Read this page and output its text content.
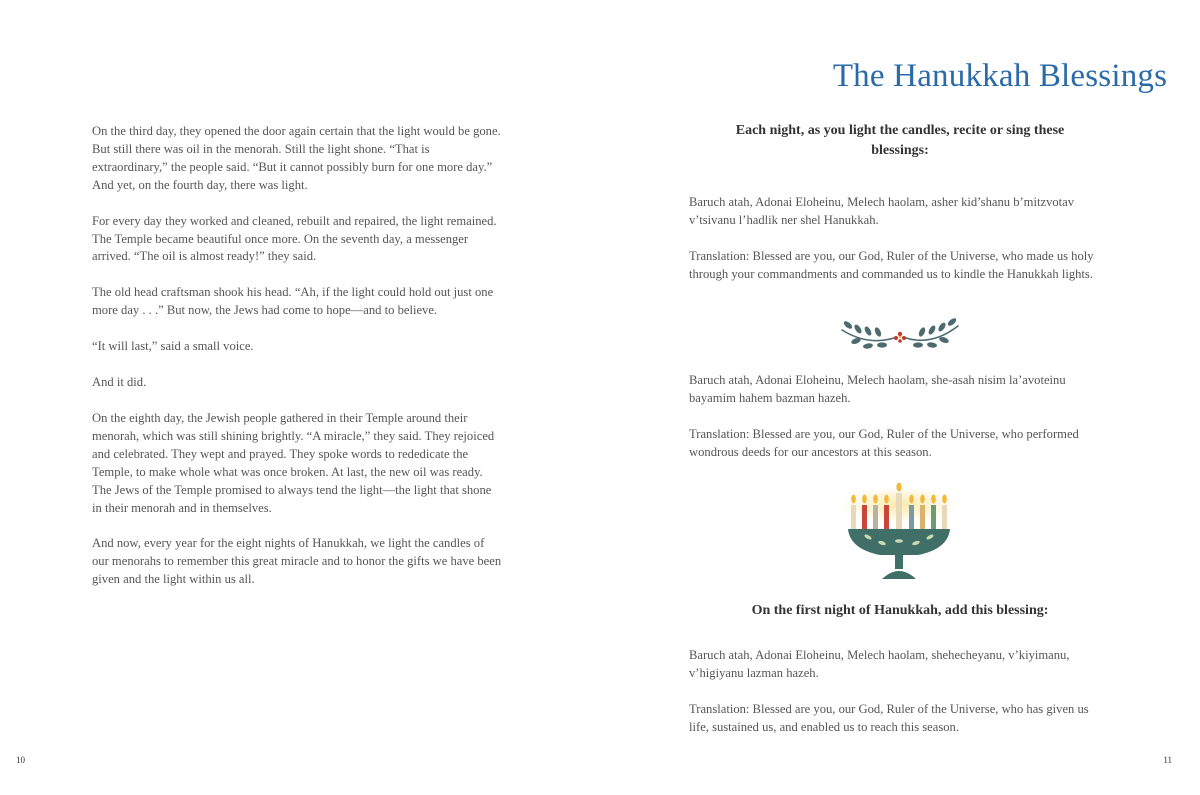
On the third day, they opened the door again certain that the light would be gone. But still there was oil in the menorah. Still the light shone. “That is extraordinary,” the people said. “But it cannot possibly burn for one more day.” And yet, on the fourth day, there was light.

For every day they worked and cleaned, rebuilt and repaired, the light remained. The Temple became beautiful once more. On the seventh day, a messenger arrived. “The oil is almost ready!” they said.

The old head craftsman shook his head. “Ah, if the light could hold out just one more day . . .” But now, the Jews had come to hope—and to believe.

“It will last,” said a small voice.

And it did.

On the eighth day, the Jewish people gathered in their Temple around their menorah, which was still shining brightly. “A miracle,” they said. They rejoiced and celebrated. They wept and prayed. They spoke words to rededicate the Temple, to make whole what was once broken. At last, the new oil was ready. The Jews of the Temple promised to always tend the light—the light that shone in their menorah and in themselves.

And now, every year for the eight nights of Hanukkah, we light the candles of our menorahs to remember this great miracle and to honor the gifts we have been given and the light within us all.

10
The Hanukkah Blessings
Each night, as you light the candles, recite or sing these blessings:

Baruch atah, Adonai Eloheinu, Melech haolam, asher kid’shanu b’mitzvotav v’tsivanu l’hadlik ner shel Hanukkah.

Translation: Blessed are you, our God, Ruler of the Universe, who made us holy through your commandments and commanded us to kindle the Hanukkah lights.

Baruch atah, Adonai Eloheinu, Melech haolam, she-asah nisim la’avoteinu bayamim hahem bazman hazeh.

Translation: Blessed are you, our God, Ruler of the Universe, who performed wondrous deeds for our ancestors at this season.

On the first night of Hanukkah, add this blessing:

Baruch atah, Adonai Eloheinu, Melech haolam, shehecheyanu, v’kiyimanu, v’higiyanu lazman hazeh.

Translation: Blessed are you, our God, Ruler of the Universe, who has given us life, sustained us, and enabled us to reach this season.

11
